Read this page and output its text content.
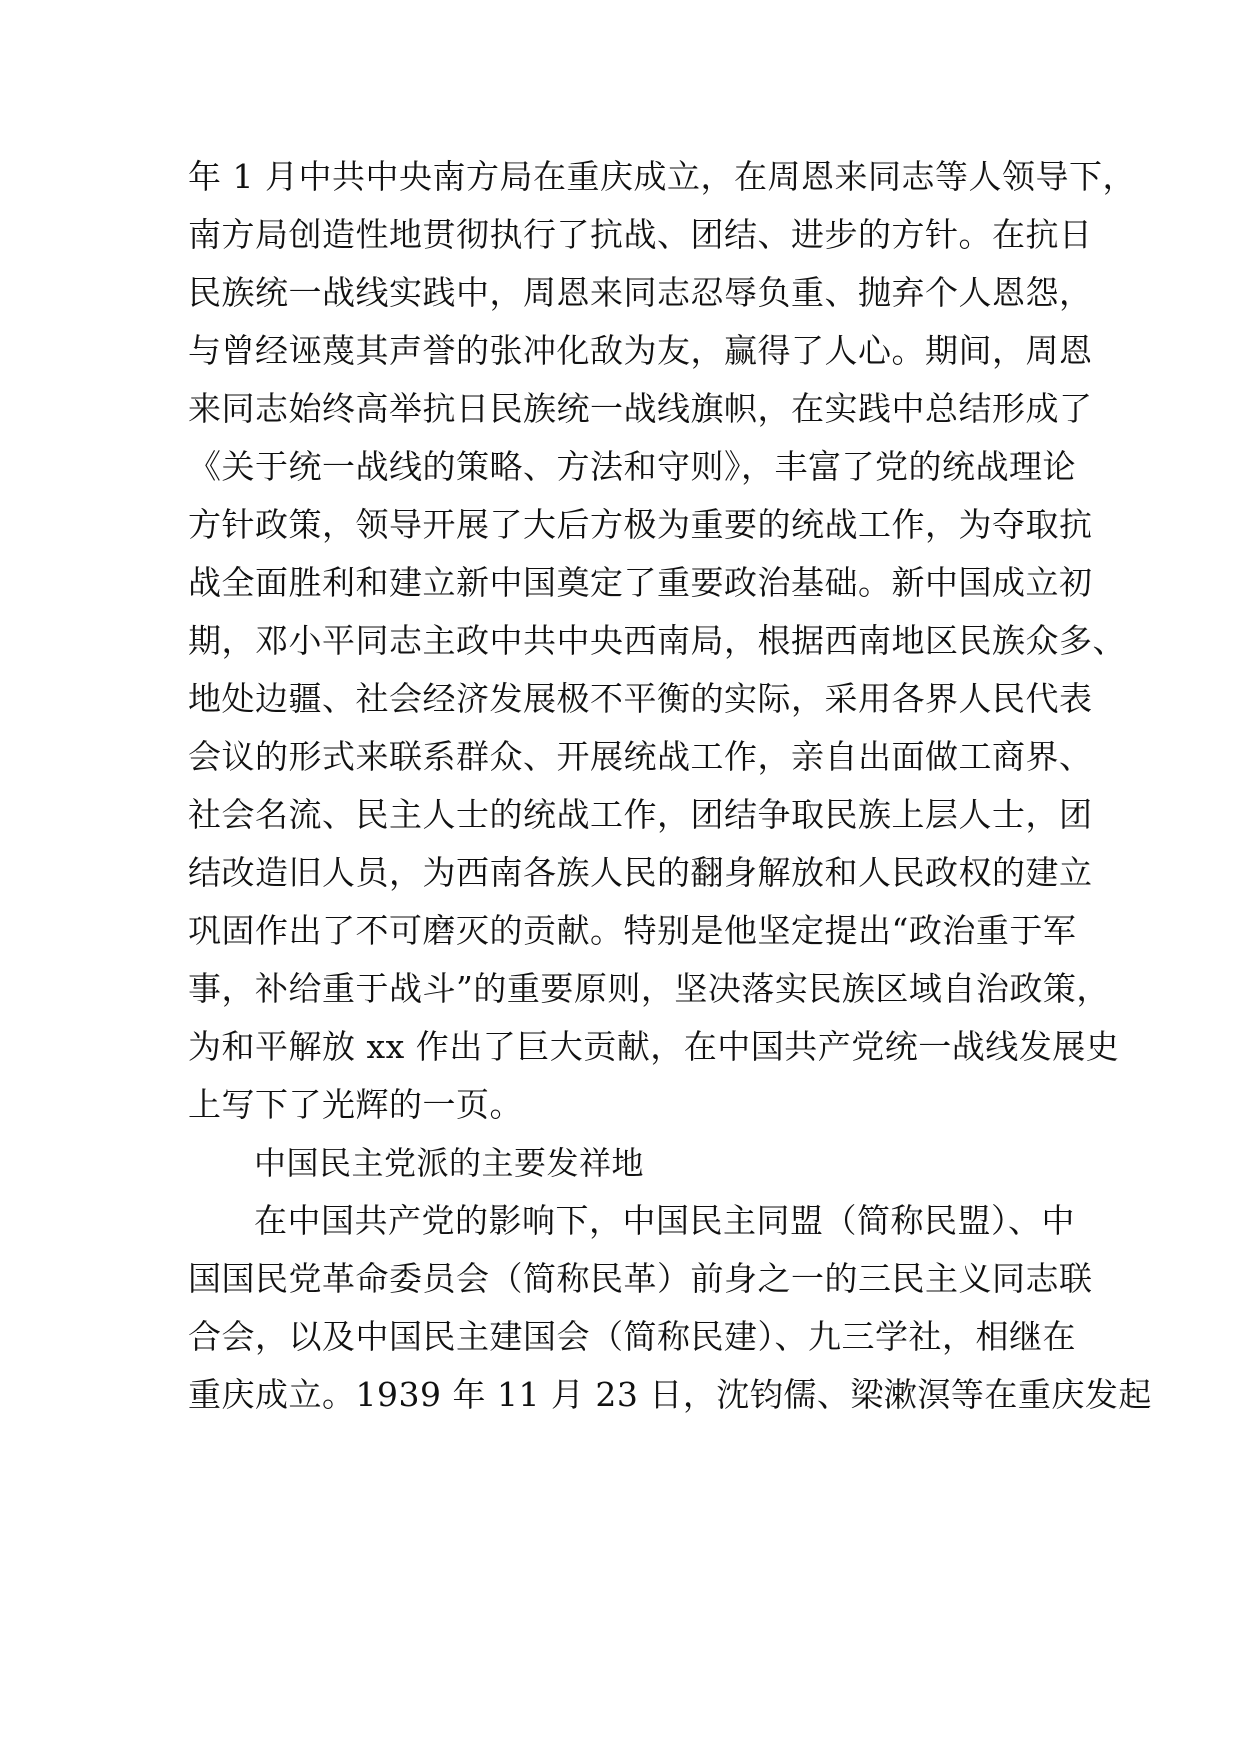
年 1 月中共中央南方局在重庆成立，在周恩来同志等人领导下，
南方局创造性地贯彻执行了抗战、团结、进步的方针。在抗日
民族统一战线实践中，周恩来同志忍辱负重、抛弃个人恩怨，
与曾经诬蔑其声誉的张冲化敌为友，赢得了人心。期间，周恩
来同志始终高举抗日民族统一战线旗帜，在实践中总结形成了
《关于统一战线的策略、方法和守则》，丰富了党的统战理论
方针政策，领导开展了大后方极为重要的统战工作，为夺取抗
战全面胜利和建立新中国奠定了重要政治基础。新中国成立初
期，邓小平同志主政中共中央西南局，根据西南地区民族众多、
地处边疆、社会经济发展极不平衡的实际，采用各界人民代表
会议的形式来联系群众、开展统战工作，亲自出面做工商界、
社会名流、民主人士的统战工作，团结争取民族上层人士，团
结改造旧人员，为西南各族人民的翻身解放和人民政权的建立
巩固作出了不可磨灭的贡献。特别是他坚定提出“政治重于军
事，补给重于战斗”的重要原则，坚决落实民族区域自治政策，
为和平解放 xx 作出了巨大贡献，在中国共产党统一战线发展史
上写下了光辉的一页。
中国民主党派的主要发祥地
在中国共产党的影响下，中国民主同盟（简称民盟）、中
国国民党革命委员会（简称民革）前身之一的三民主义同志联
合会，以及中国民主建国会（简称民建）、九三学社，相继在
重庆成立。1939 年 11 月 23 日，沈钧儒、梁漱溟等在重庆发起
